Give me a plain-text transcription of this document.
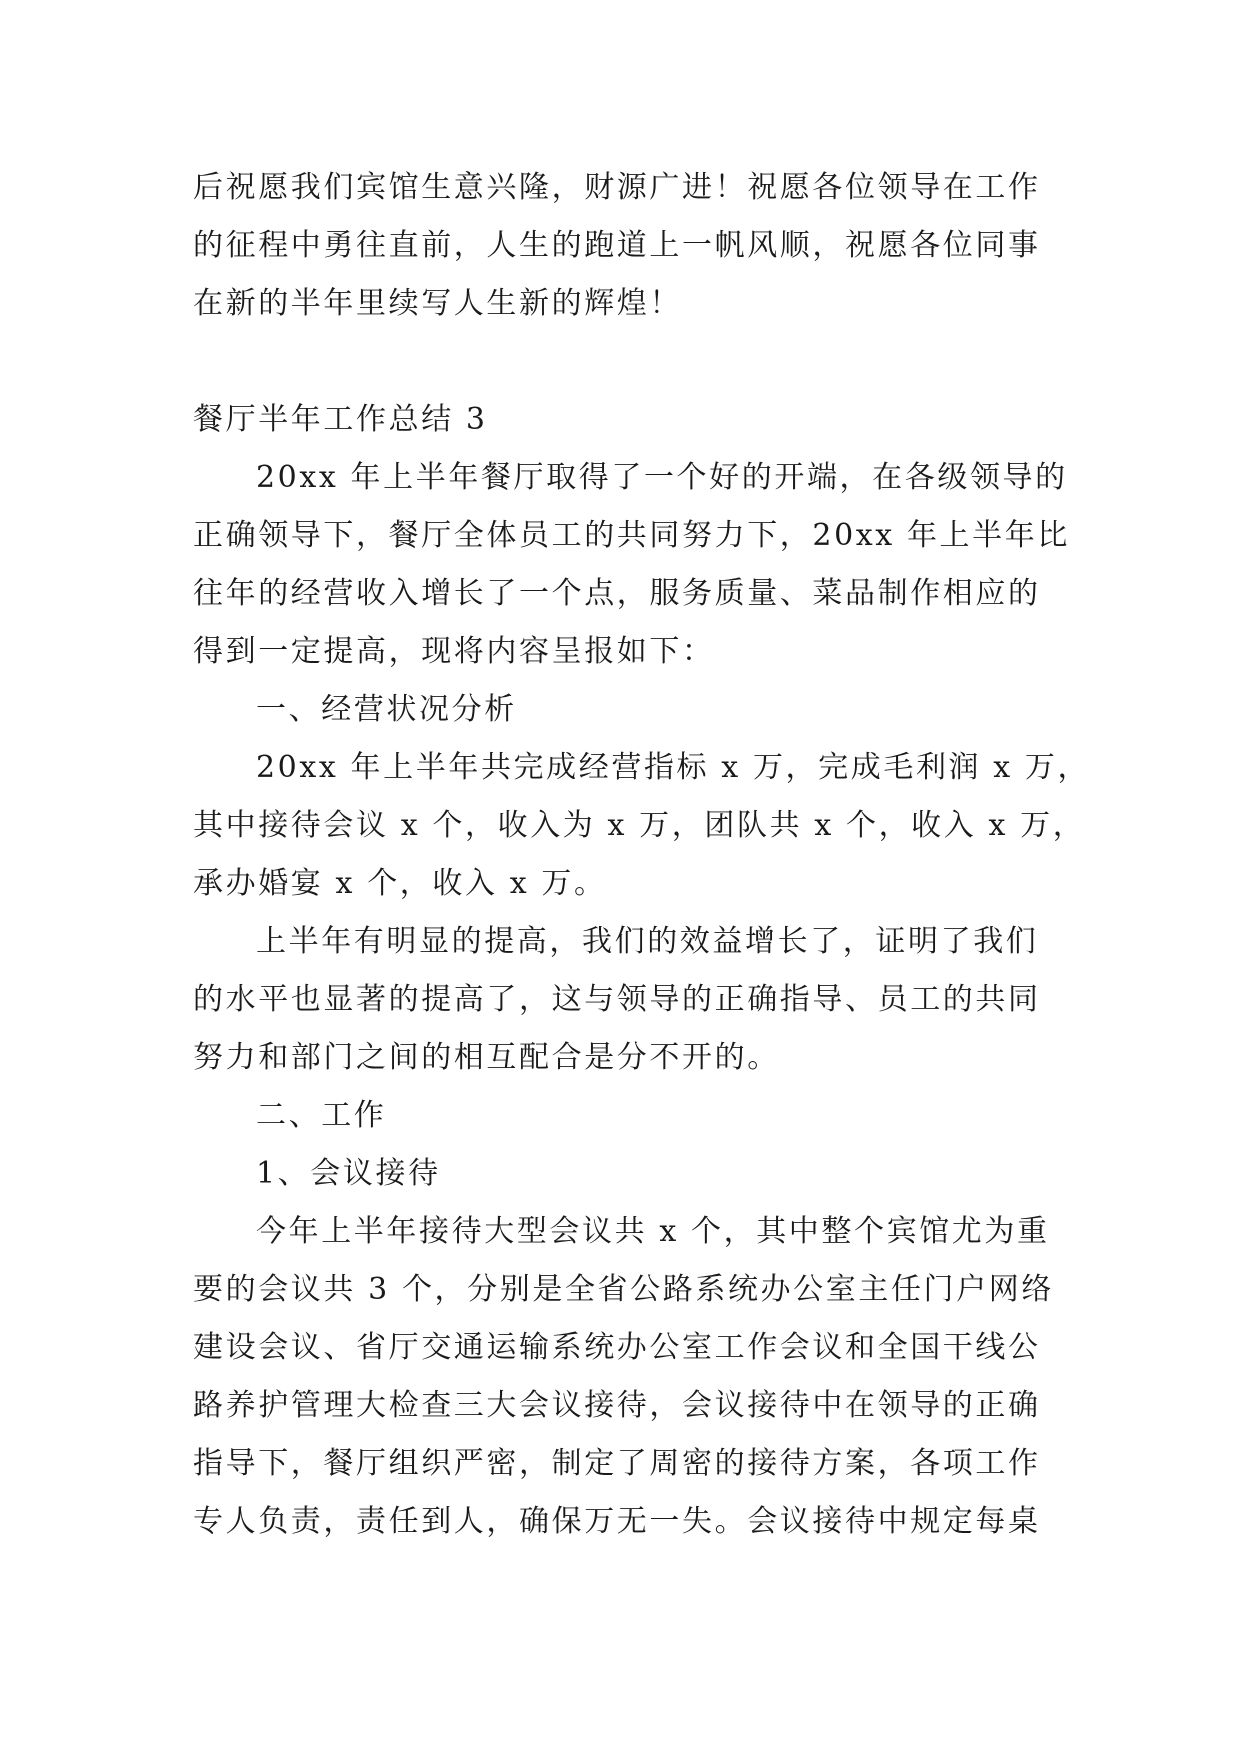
后祝愿我们宾馆生意兴隆，财源广进！祝愿各位领导在工作
的征程中勇往直前，人生的跑道上一帆风顺，祝愿各位同事
在新的半年里续写人生新的辉煌！
餐厅半年工作总结 3
20xx 年上半年餐厅取得了一个好的开端，在各级领导的
正确领导下，餐厅全体员工的共同努力下，20xx 年上半年比
往年的经营收入增长了一个点，服务质量、菜品制作相应的
得到一定提高，现将内容呈报如下：
一、经营状况分析
20xx 年上半年共完成经营指标 x 万，完成毛利润 x 万，
其中接待会议 x 个，收入为 x 万，团队共 x 个，收入 x 万，
承办婚宴 x 个，收入 x 万。
上半年有明显的提高，我们的效益增长了，证明了我们
的水平也显著的提高了，这与领导的正确指导、员工的共同
努力和部门之间的相互配合是分不开的。
二、工作
1、会议接待
今年上半年接待大型会议共 x 个，其中整个宾馆尤为重
要的会议共 3 个，分别是全省公路系统办公室主任门户网络
建设会议、省厅交通运输系统办公室工作会议和全国干线公
路养护管理大检查三大会议接待，会议接待中在领导的正确
指导下，餐厅组织严密，制定了周密的接待方案，各项工作
专人负责，责任到人，确保万无一失。会议接待中规定每桌
